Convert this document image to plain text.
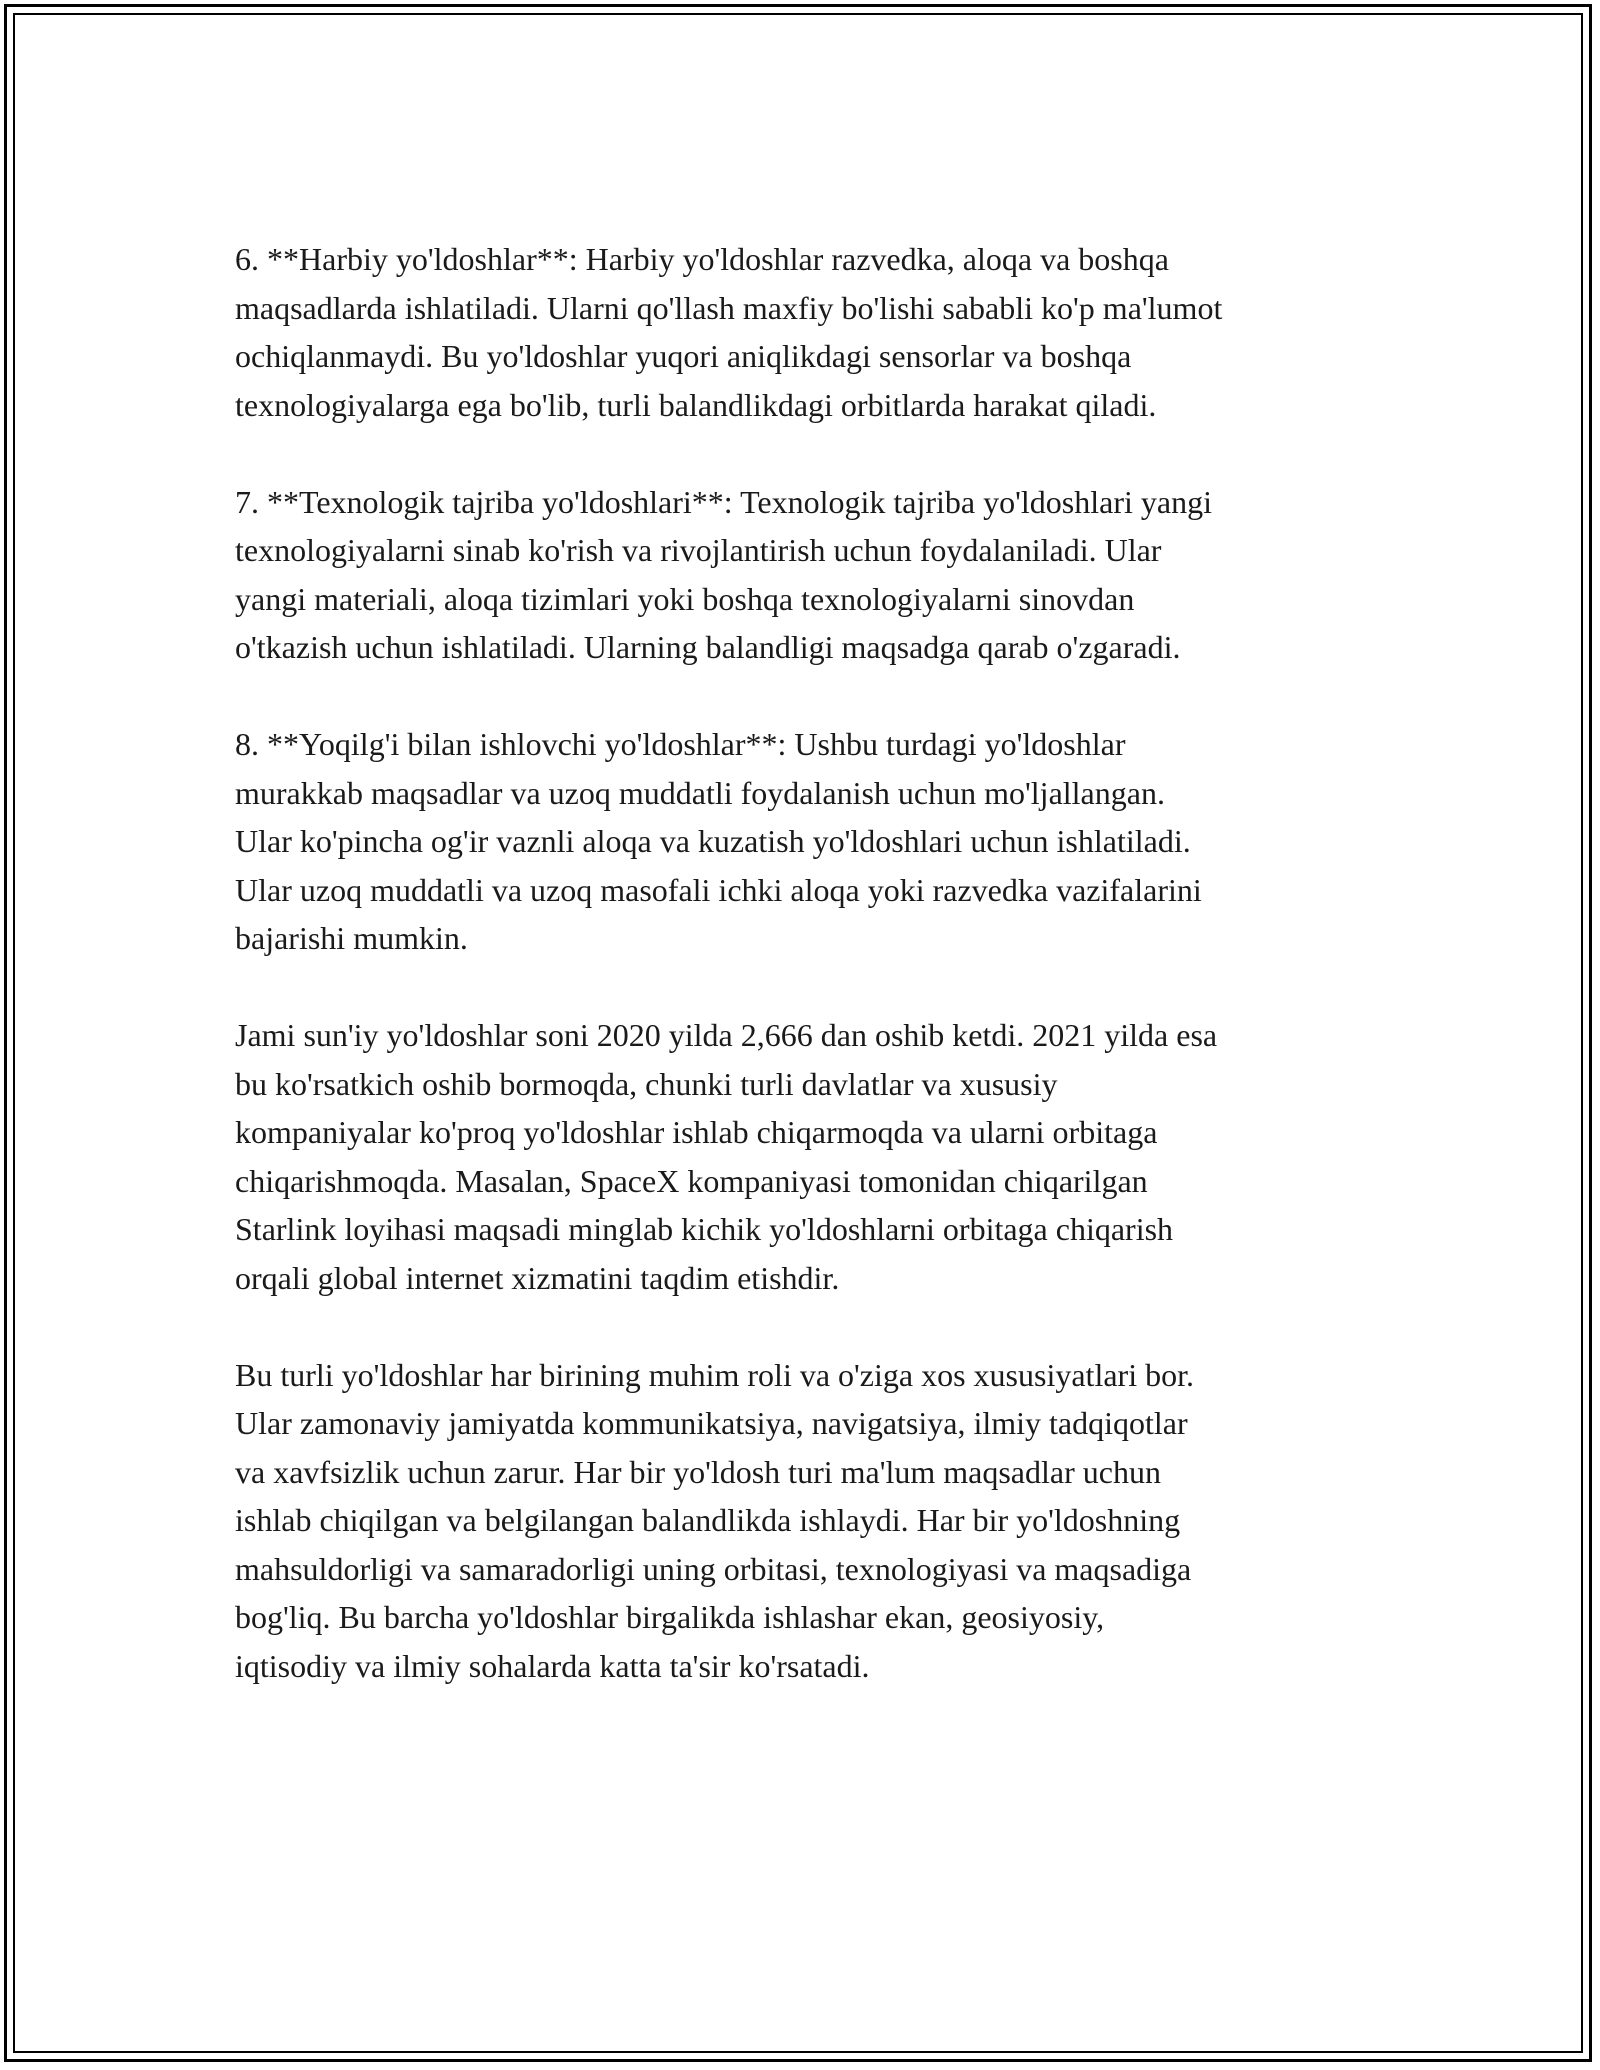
6. **Harbiy yo'ldoshlar**: Harbiy yo'ldoshlar razvedka, aloqa va boshqa
maqsadlarda ishlatiladi. Ularni qo'llash maxfiy bo'lishi sababli ko'p ma'lumot
ochiqlanmaydi. Bu yo'ldoshlar yuqori aniqlikdagi sensorlar va boshqa
texnologiyalarga ega bo'lib, turli balandlikdagi orbitlarda harakat qiladi.

7. **Texnologik tajriba yo'ldoshlari**: Texnologik tajriba yo'ldoshlari yangi
texnologiyalarni sinab ko'rish va rivojlantirish uchun foydalaniladi. Ular
yangi materiali, aloqa tizimlari yoki boshqa texnologiyalarni sinovdan
o'tkazish uchun ishlatiladi. Ularning balandligi maqsadga qarab o'zgaradi.

8. **Yoqilg'i bilan ishlovchi yo'ldoshlar**: Ushbu turdagi yo'ldoshlar
murakkab maqsadlar va uzoq muddatli foydalanish uchun mo'ljallangan.
Ular ko'pincha og'ir vaznli aloqa va kuzatish yo'ldoshlari uchun ishlatiladi.
Ular uzoq muddatli va uzoq masofali ichki aloqa yoki razvedka vazifalarini
bajarishi mumkin.

Jami sun'iy yo'ldoshlar soni 2020 yilda 2,666 dan oshib ketdi. 2021 yilda esa
bu ko'rsatkich oshib bormoqda, chunki turli davlatlar va xususiy
kompaniyalar ko'proq yo'ldoshlar ishlab chiqarmoqda va ularni orbitaga
chiqarishmoqda. Masalan, SpaceX kompaniyasi tomonidan chiqarilgan
Starlink loyihasi maqsadi minglab kichik yo'ldoshlarni orbitaga chiqarish
orqali global internet xizmatini taqdim etishdir.

Bu turli yo'ldoshlar har birining muhim roli va o'ziga xos xususiyatlari bor.
Ular zamonaviy jamiyatda kommunikatsiya, navigatsiya, ilmiy tadqiqotlar
va xavfsizlik uchun zarur. Har bir yo'ldosh turi ma'lum maqsadlar uchun
ishlab chiqilgan va belgilangan balandlikda ishlaydi. Har bir yo'ldoshning
mahsuldorligi va samaradorligi uning orbitasi, texnologiyasi va maqsadiga
bog'liq. Bu barcha yo'ldoshlar birgalikda ishlashar ekan, geosiyosiy,
iqtisodiy va ilmiy sohalarda katta ta'sir ko'rsatadi.
